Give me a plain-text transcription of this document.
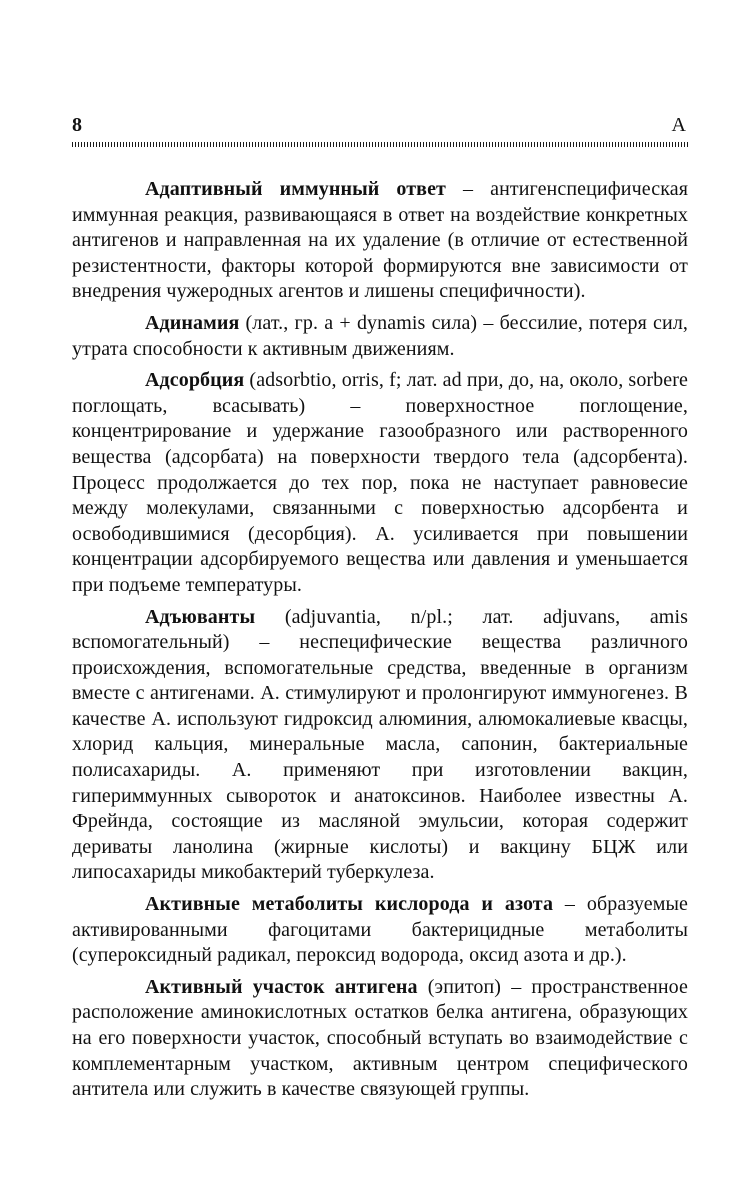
8	A

Адаптивный иммунный ответ – антигенспецифическая иммунная реакция, развивающаяся в ответ на воздействие конкретных антигенов и направленная на их удаление (в отличие от естественной резистентности, факторы которой формируются вне зависимости от внедрения чужеродных агентов и лишены специфичности).

Адинамия (лат., гр. а + dynamis сила) – бессилие, потеря сил, утрата способности к активным движениям.

Адсорбция (adsorbtio, orris, f; лат. ad при, до, на, около, sorbere поглощать, всасывать) – поверхностное поглощение, концентрирование и удержание газообразного или растворенного вещества (адсорбата) на поверхности твердого тела (адсорбента). Процесс продолжается до тех пор, пока не наступает равновесие между молекулами, связанными с поверхностью адсорбента и освободившимися (десорбция). А. усиливается при повышении концентрации адсорбируемого вещества или давления и уменьшается при подъеме температуры.

Адъюванты (adjuvantia, n/pl.; лат. adjuvans, amis вспомогательный) – неспецифические вещества различного происхождения, вспомогательные средства, введенные в организм вместе с антигенами. А. стимулируют и пролонгируют иммуногенез. В качестве А. используют гидроксид алюминия, алюмокалиевые квасцы, хлорид кальция, минеральные масла, сапонин, бактериальные полисахариды. А. применяют при изготовлении вакцин, гипериммунных сывороток и анатоксинов. Наиболее известны А. Фрейнда, состоящие из масляной эмульсии, которая содержит дериваты ланолина (жирные кислоты) и вакцину БЦЖ или липосахариды микобактерий туберкулеза.

Активные метаболиты кислорода и азота – образуемые активированными фагоцитами бактерицидные метаболиты (супероксидный радикал, пероксид водорода, оксид азота и др.).

Активный участок антигена (эпитоп) – пространственное расположение аминокислотных остатков белка антигена, образующих на его поверхности участок, способный вступать во взаимодействие с комплементарным участком, активным центром специфического антитела или служить в качестве связующей группы.
